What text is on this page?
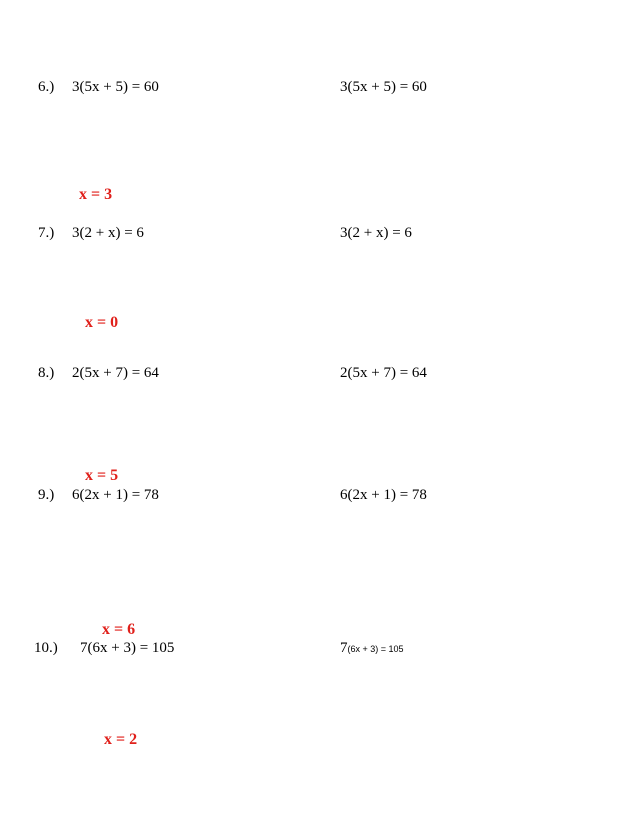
6.) 3(5x + 5) = 60	3(5x + 5) = 60
x = 3
7.) 3(2 + x) = 6	3(2 + x) = 6
x = 0
8.) 2(5x + 7) = 64	2(5x + 7) = 64
x = 5
9.) 6(2x + 1) = 78	6(2x + 1) = 78
x = 6
10.) 7(6x + 3) = 105	7(6x + 3) = 105
x = 2
